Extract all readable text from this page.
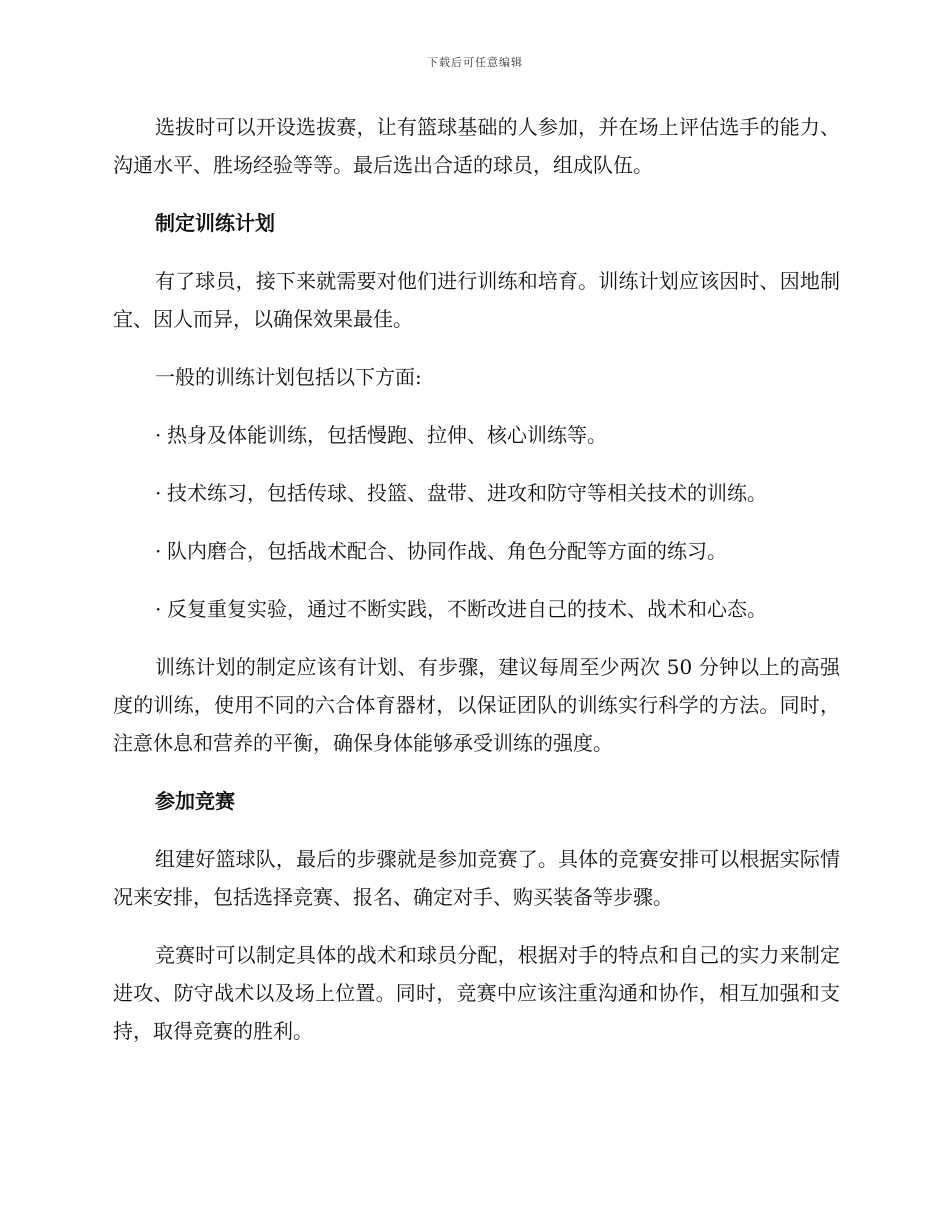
下载后可任意编辑

选拔时可以开设选拔赛，让有篮球基础的人参加，并在场上评估选手的能力、沟通水平、胜场经验等等。最后选出合适的球员，组成队伍。

制定训练计划

有了球员，接下来就需要对他们进行训练和培育。训练计划应该因时、因地制宜、因人而异，以确保效果最佳。

一般的训练计划包括以下方面:

· 热身及体能训练，包括慢跑、拉伸、核心训练等。

· 技术练习，包括传球、投篮、盘带、进攻和防守等相关技术的训练。

· 队内磨合，包括战术配合、协同作战、角色分配等方面的练习。

· 反复重复实验，通过不断实践，不断改进自己的技术、战术和心态。

训练计划的制定应该有计划、有步骤，建议每周至少两次 50 分钟以上的高强度的训练，使用不同的六合体育器材，以保证团队的训练实行科学的方法。同时，注意休息和营养的平衡，确保身体能够承受训练的强度。

参加竞赛

组建好篮球队，最后的步骤就是参加竞赛了。具体的竞赛安排可以根据实际情况来安排，包括选择竞赛、报名、确定对手、购买装备等步骤。

竞赛时可以制定具体的战术和球员分配，根据对手的特点和自己的实力来制定进攻、防守战术以及场上位置。同时，竞赛中应该注重沟通和协作，相互加强和支持，取得竞赛的胜利。
